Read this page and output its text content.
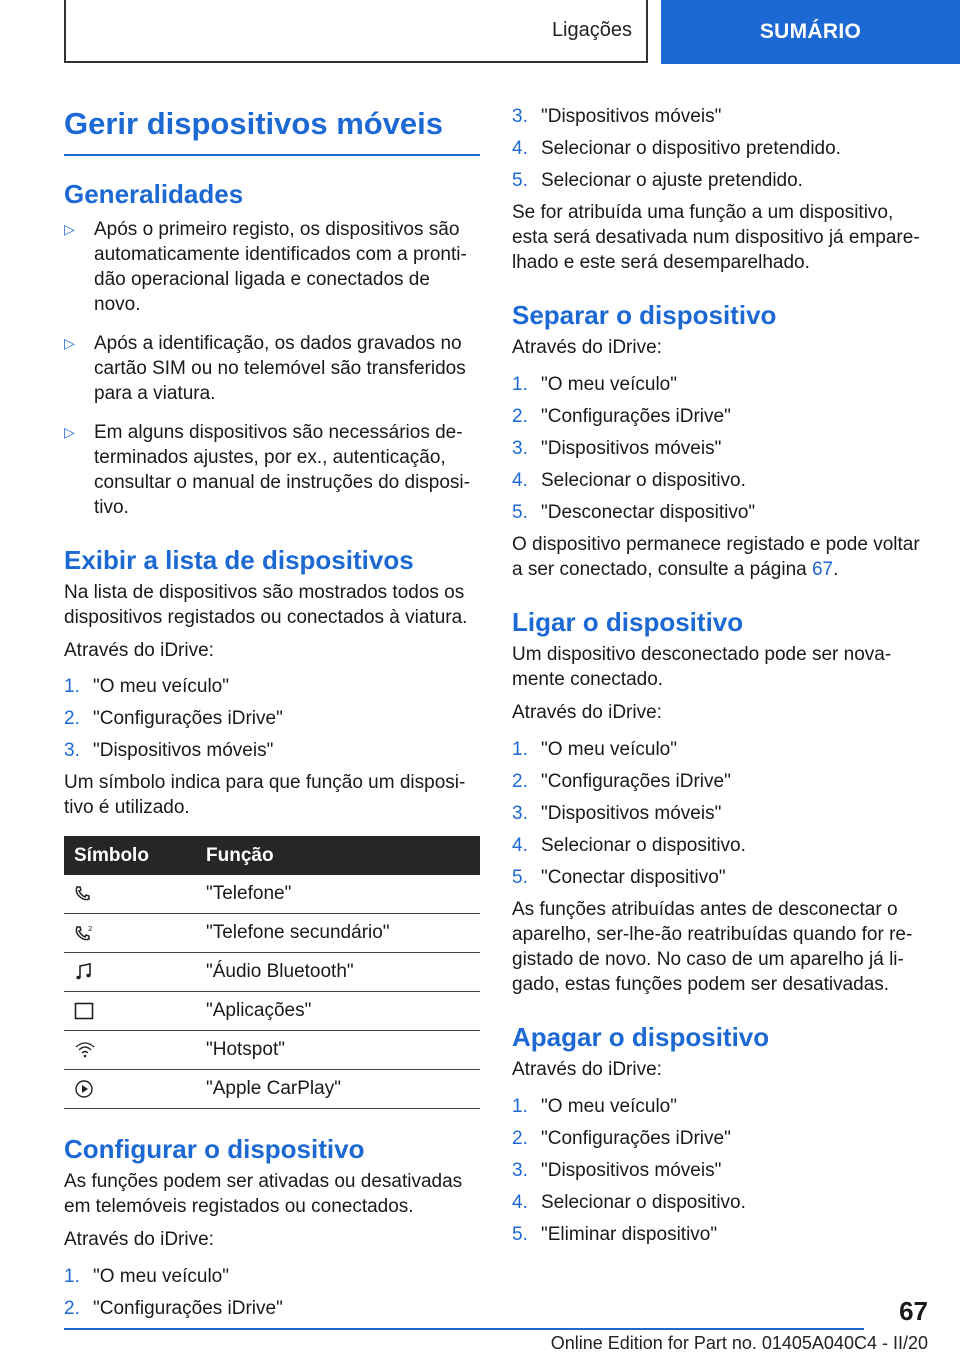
Ligações	SUMÁRIO
Gerir dispositivos móveis
Generalidades
▷	Após o primeiro registo, os dispositivos são automaticamente identificados com a prontidão operacional ligada e conectados de novo.
▷	Após a identificação, os dados gravados no cartão SIM ou no telemóvel são transferidos para a viatura.
▷	Em alguns dispositivos são necessários determinados ajustes, por ex., autenticação, consultar o manual de instruções do dispositivo.
Exibir a lista de dispositivos

Na lista de dispositivos são mostrados todos os dispositivos registados ou conectados à viatura.

Através do iDrive:

1. "O meu veículo"
2. "Configurações iDrive"
3. "Dispositivos móveis"

Um símbolo indica para que função um dispositivo é utilizado.

Símbolo	Função

	"Telefone"

2	"Telefone secundário"

	"Áudio Bluetooth"

	"Aplicações"

	"Hotspot"

	"Apple CarPlay"
Configurar o dispositivo

As funções podem ser ativadas ou desativadas em telemóveis registados ou conectados.

Através do iDrive:

1. "O meu veículo"
2. "Configurações iDrive"
3. "Dispositivos móveis"
4. Selecionar o dispositivo pretendido.
5. Selecionar o ajuste pretendido.

Se for atribuída uma função a um dispositivo, esta será desativada num dispositivo já emparelhado e este será desemparelhado.

Separar o dispositivo

Através do iDrive:

1. "O meu veículo"
2. "Configurações iDrive"
3. "Dispositivos móveis"
4. Selecionar o dispositivo.
5. "Desconectar dispositivo"

O dispositivo permanece registado e pode voltar a ser conectado, consulte a página 67.

Ligar o dispositivo

Um dispositivo desconectado pode ser novamente conectado.

Através do iDrive:

1. "O meu veículo"
2. "Configurações iDrive"
3. "Dispositivos móveis"
4. Selecionar o dispositivo.
5. "Conectar dispositivo"

As funções atribuídas antes de desconectar o aparelho, ser-lhe-ão reatribuídas quando for registado de novo. No caso de um aparelho já ligado, estas funções podem ser desativadas.

Apagar o dispositivo

Através do iDrive:

1. "O meu veículo"
2. "Configurações iDrive"
3. "Dispositivos móveis"
4. Selecionar o dispositivo.
5. "Eliminar dispositivo"
67
Online Edition for Part no. 01405A040C4 - II/20
